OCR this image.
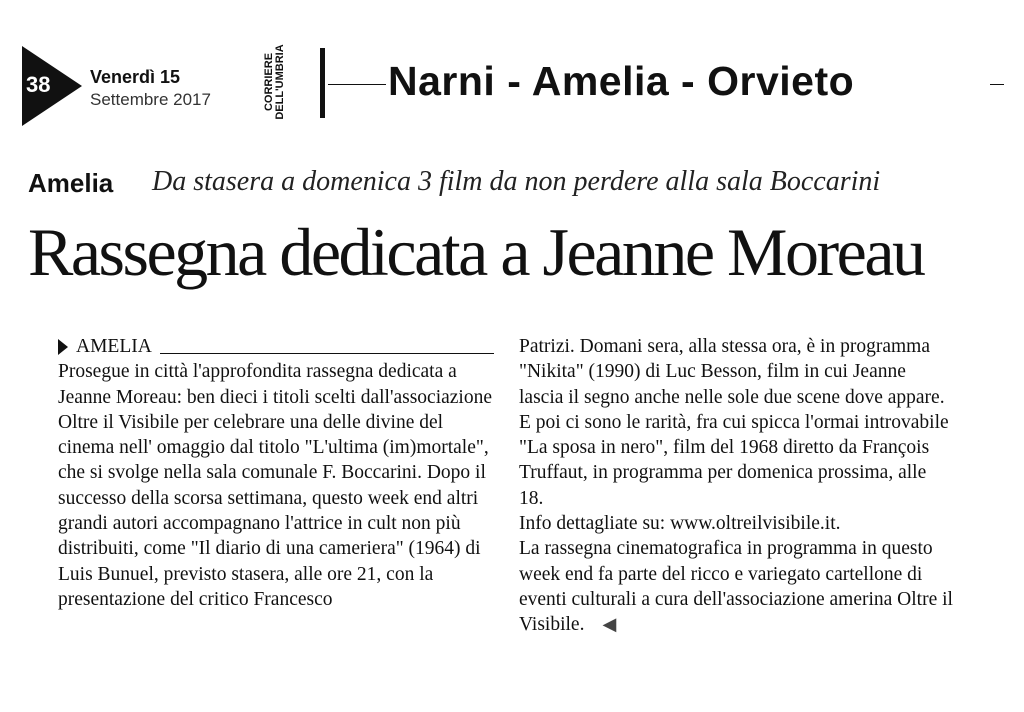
38	Venerdì 15
Settembre 2017	CORRIERE DELL'UMBRIA Narni - Amelia - Orvieto
Amelia Da stasera a domenica 3 film da non perdere alla sala Boccarini
Rassegna dedicata a Jeanne Moreau
AMELIA

Prosegue in città l'approfondita rassegna dedicata a Jeanne Moreau: ben dieci i titoli scelti dall'associazione Oltre il Visibile per celebrare una delle divine del cinema nell' omaggio dal titolo "L'ultima (im)mortale", che si svolge nella sala comunale F. Boccarini. Dopo il successo della scorsa settimana, questo week end altri grandi autori accompagnano l'attrice in cult non più distribuiti, come "Il diario di una cameriera" (1964) di Luis Bunuel, previsto stasera, alle ore 21, con la presentazione del critico Francesco

Patrizi. Domani sera, alla stessa ora, è in programma "Nikita" (1990) di Luc Besson, film in cui Jeanne lascia il segno anche nelle sole due scene dove appare.

E poi ci sono le rarità, fra cui spicca l'ormai introvabile "La sposa in nero", film del 1968 diretto da François Truffaut, in programma per domenica prossima, alle 18.

Info dettagliate su: www.oltreilvisibile.it.

La rassegna cinematografica in programma in questo week end fa parte del ricco e variegato cartellone di eventi culturali a cura dell'associazione amerina Oltre il Visibile. ◀
